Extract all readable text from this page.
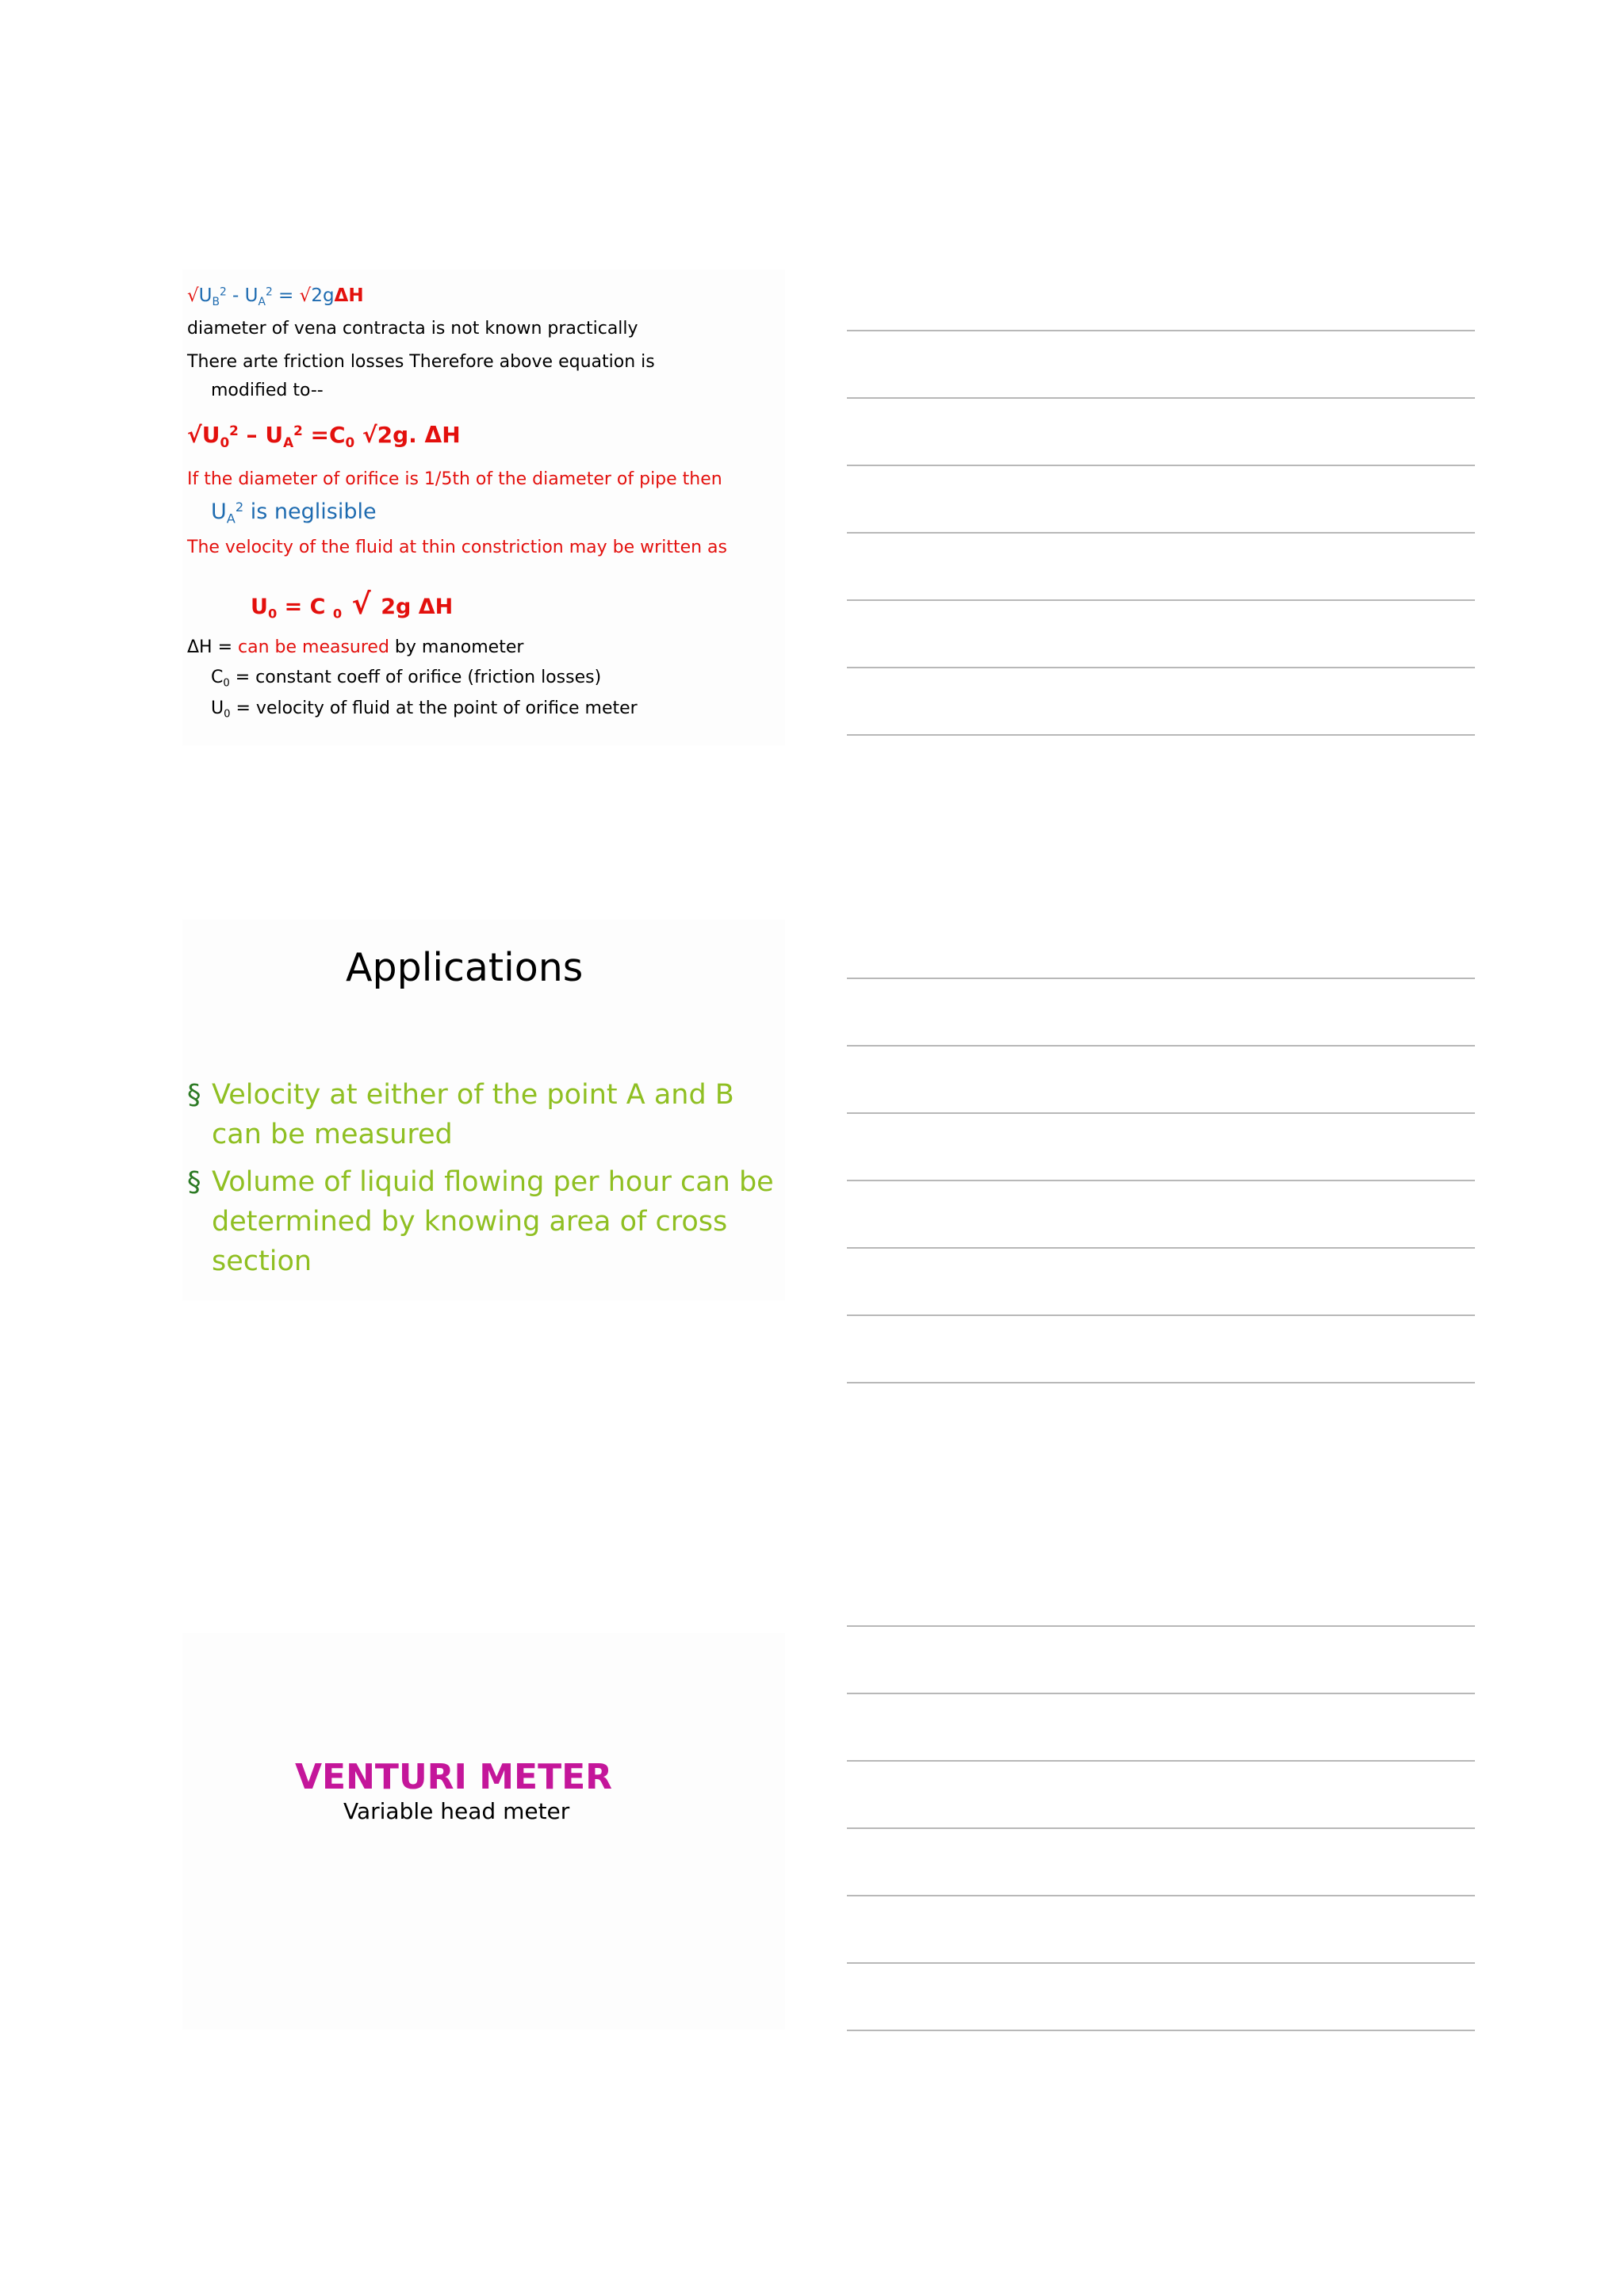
$√U_B^2 - U_A^2 = √2g\Delta H$
diameter of vena contracta is not known practically
There arte friction losses Therefore above equation is
modified to--
$√U_0^2 - U_A^2 =C_0$ √2g. ΔH
If the diameter of orifice is 1/5th of the diameter of pipe then
$U_A^2$ is neglisible
The velocity of the fluid at thin constriction may be written as
$U_0 = C$ $_0$ √ 2g ΔH
ΔH = can be measured by manometer
$C_0$ = constant coeff of orifice (friction losses)
$U_0$ = velocity of fluid at the point of orifice meter
Applications
§ Velocity at either of the point A and B can be measured
§ Volume of liquid flowing per hour can be determined by knowing area of cross section
VENTURI METER
Variable head meter
